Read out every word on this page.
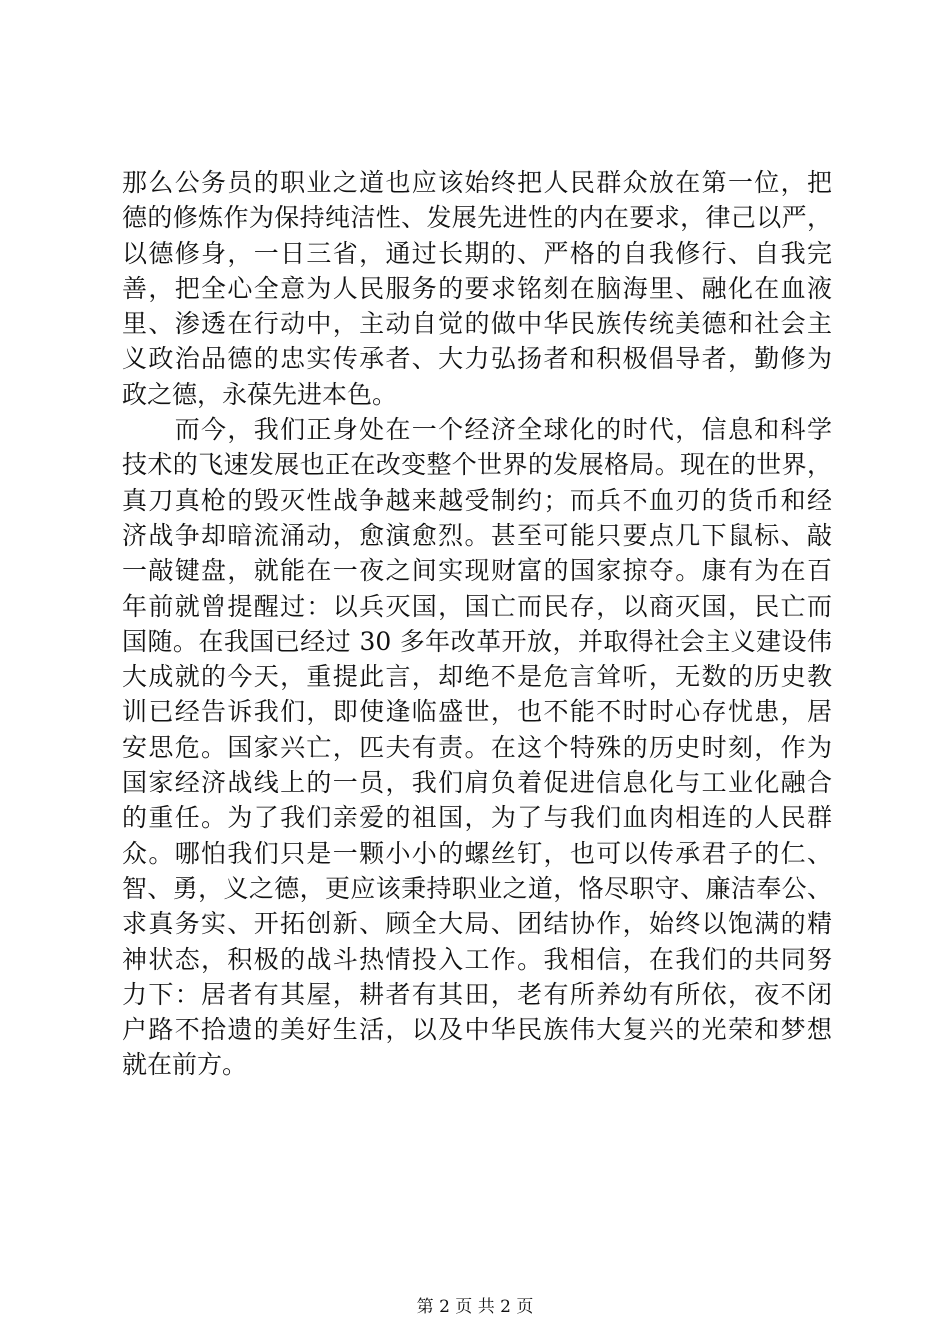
那么公务员的职业之道也应该始终把人民群众放在第一位，把
德的修炼作为保持纯洁性、发展先进性的内在要求，律己以严，
以德修身，一日三省，通过长期的、严格的自我修行、自我完
善，把全心全意为人民服务的要求铭刻在脑海里、融化在血液
里、渗透在行动中，主动自觉的做中华民族传统美德和社会主
义政治品德的忠实传承者、大力弘扬者和积极倡导者，勤修为
政之德，永葆先进本色。
　　而今，我们正身处在一个经济全球化的时代，信息和科学
技术的飞速发展也正在改变整个世界的发展格局。现在的世界，
真刀真枪的毁灭性战争越来越受制约；而兵不血刃的货币和经
济战争却暗流涌动，愈演愈烈。甚至可能只要点几下鼠标、敲
一敲键盘，就能在一夜之间实现财富的国家掠夺。康有为在百
年前就曾提醒过：以兵灭国，国亡而民存，以商灭国，民亡而
国随。在我国已经过 30 多年改革开放，并取得社会主义建设伟
大成就的今天，重提此言，却绝不是危言耸听，无数的历史教
训已经告诉我们，即使逢临盛世，也不能不时时心存忧患，居
安思危。国家兴亡，匹夫有责。在这个特殊的历史时刻，作为
国家经济战线上的一员，我们肩负着促进信息化与工业化融合
的重任。为了我们亲爱的祖国，为了与我们血肉相连的人民群
众。哪怕我们只是一颗小小的螺丝钉，也可以传承君子的仁、
智、勇，义之德，更应该秉持职业之道，恪尽职守、廉洁奉公、
求真务实、开拓创新、顾全大局、团结协作，始终以饱满的精
神状态，积极的战斗热情投入工作。我相信，在我们的共同努
力下：居者有其屋，耕者有其田，老有所养幼有所依，夜不闭
户路不拾遗的美好生活，以及中华民族伟大复兴的光荣和梦想
就在前方。
第 2 页 共 2 页
